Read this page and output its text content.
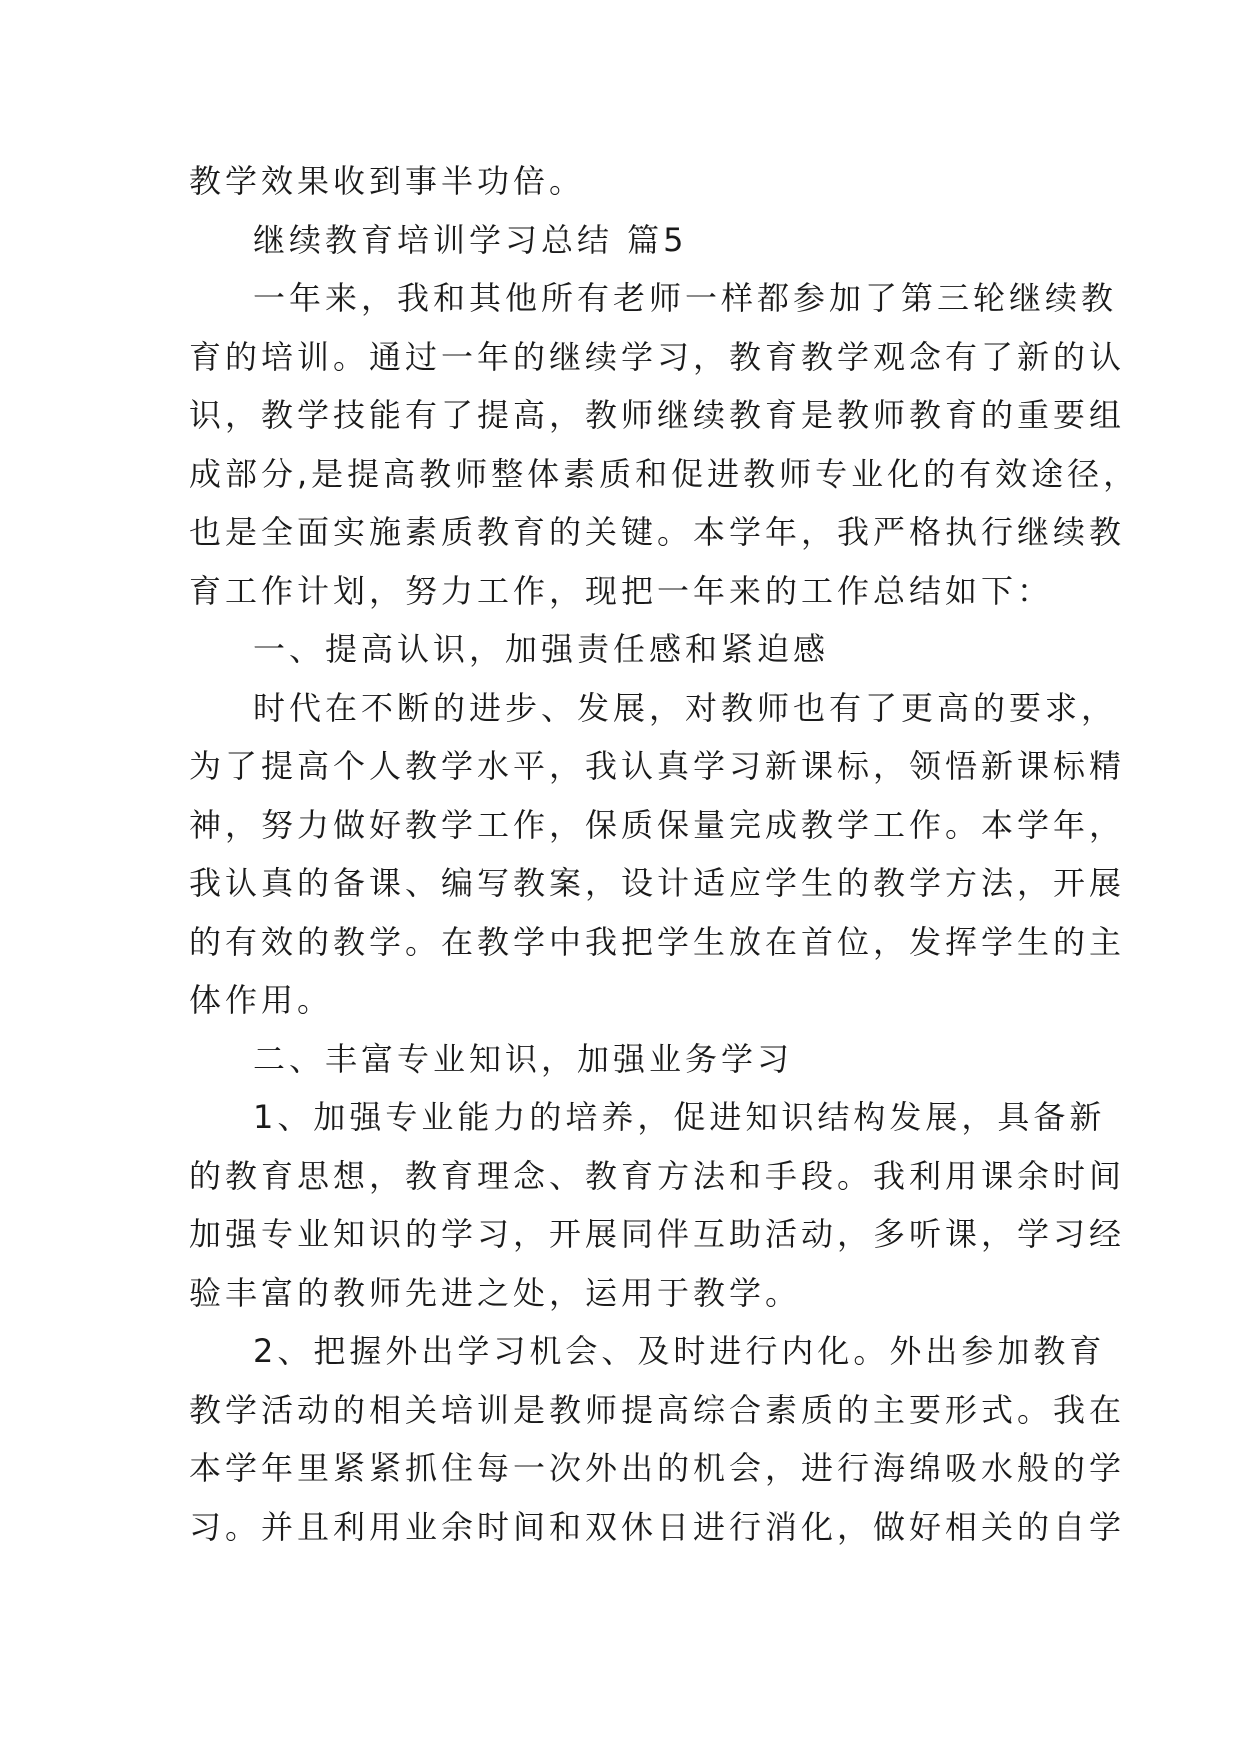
教学效果收到事半功倍。
继续教育培训学习总结 篇5
一年来，我和其他所有老师一样都参加了第三轮继续教
育的培训。通过一年的继续学习，教育教学观念有了新的认
识，教学技能有了提高，教师继续教育是教师教育的重要组
成部分,是提高教师整体素质和促进教师专业化的有效途径，
也是全面实施素质教育的关键。本学年，我严格执行继续教
育工作计划，努力工作，现把一年来的工作总结如下：
一、提高认识，加强责任感和紧迫感
时代在不断的进步、发展，对教师也有了更高的要求，
为了提高个人教学水平，我认真学习新课标，领悟新课标精
神，努力做好教学工作，保质保量完成教学工作。本学年，
我认真的备课、编写教案，设计适应学生的教学方法，开展
的有效的教学。在教学中我把学生放在首位，发挥学生的主
体作用。
二、丰富专业知识，加强业务学习
1、加强专业能力的培养，促进知识结构发展，具备新
的教育思想，教育理念、教育方法和手段。我利用课余时间
加强专业知识的学习，开展同伴互助活动，多听课，学习经
验丰富的教师先进之处，运用于教学。
2、把握外出学习机会、及时进行内化。外出参加教育
教学活动的相关培训是教师提高综合素质的主要形式。我在
本学年里紧紧抓住每一次外出的机会，进行海绵吸水般的学
习。并且利用业余时间和双休日进行消化，做好相关的自学
